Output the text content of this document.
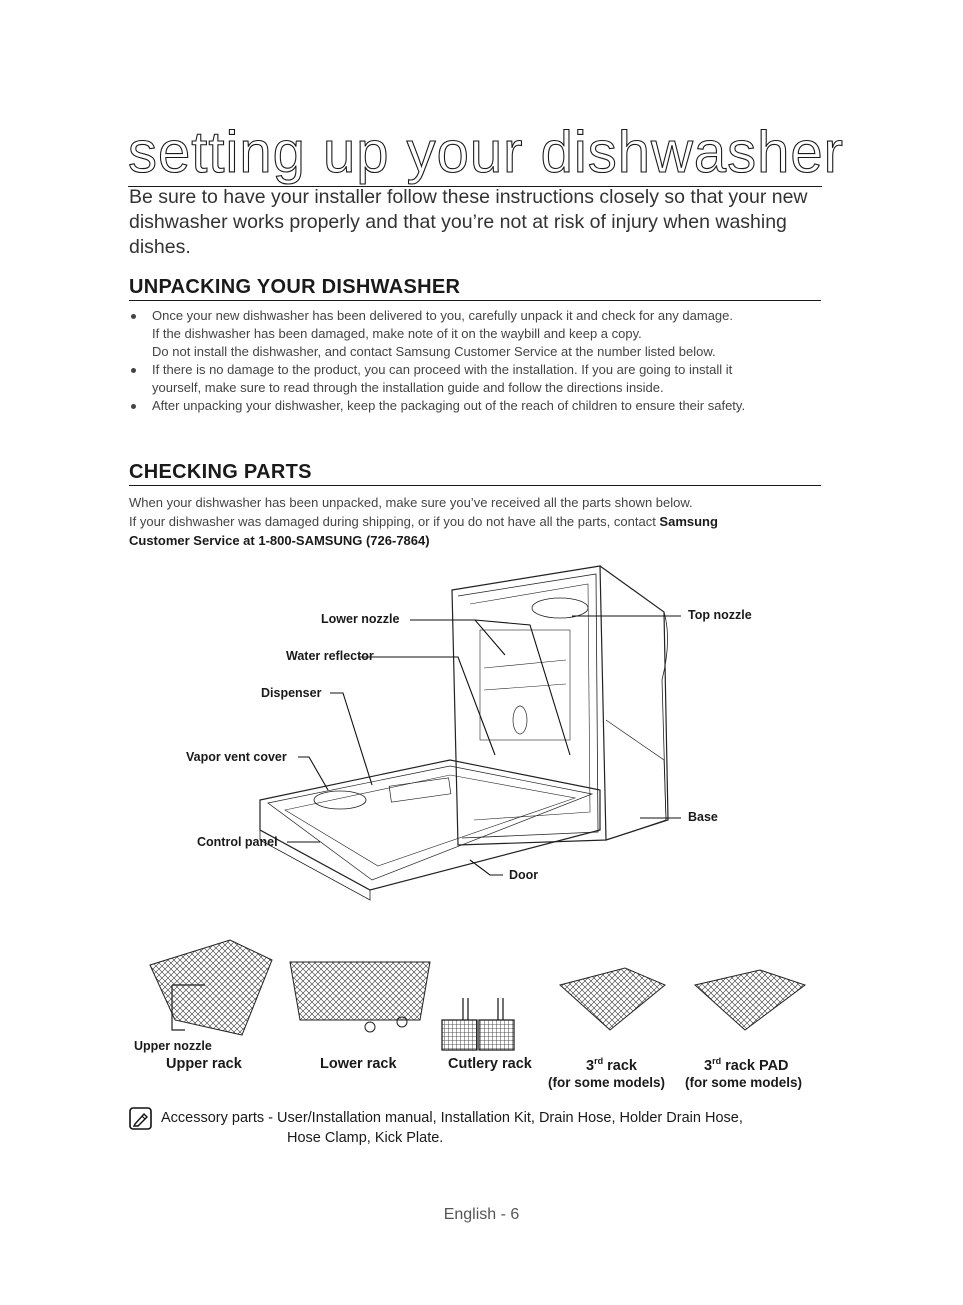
setting up your dishwasher

Be sure to have your installer follow these instructions closely so that your new dishwasher works properly and that you’re not at risk of injury when washing dishes.

UNPACKING YOUR DISHWASHER
Once your new dishwasher has been delivered to you, carefully unpack it and check for any damage.
If the dishwasher has been damaged, make note of it on the waybill and keep a copy.
Do not install the dishwasher, and contact Samsung Customer Service at the number listed below.
If there is no damage to the product, you can proceed with the installation. If you are going to install it
yourself, make sure to read through the installation guide and follow the directions inside.
After unpacking your dishwasher, keep the packaging out of the reach of children to ensure their safety.
CHECKING PARTS

When your dishwasher has been unpacked, make sure you’ve received all the parts shown below.
If your dishwasher was damaged during shipping, or if you do not have all the parts, contact Samsung
Customer Service at 1-800-SAMSUNG (726-7864)

Lower nozzle
Water reflector
Dispenser
Vapor vent cover
Control panel
Top nozzle
Base
Door
Upper nozzle
Upper rack	Lower rack	Cutlery rack	3rd rack	3rd rack PAD
(for some models) (for some models)

Accessory parts - User/Installation manual, Installation Kit, Drain Hose, Holder Drain Hose,
Hose Clamp, Kick Plate.

English - 6
